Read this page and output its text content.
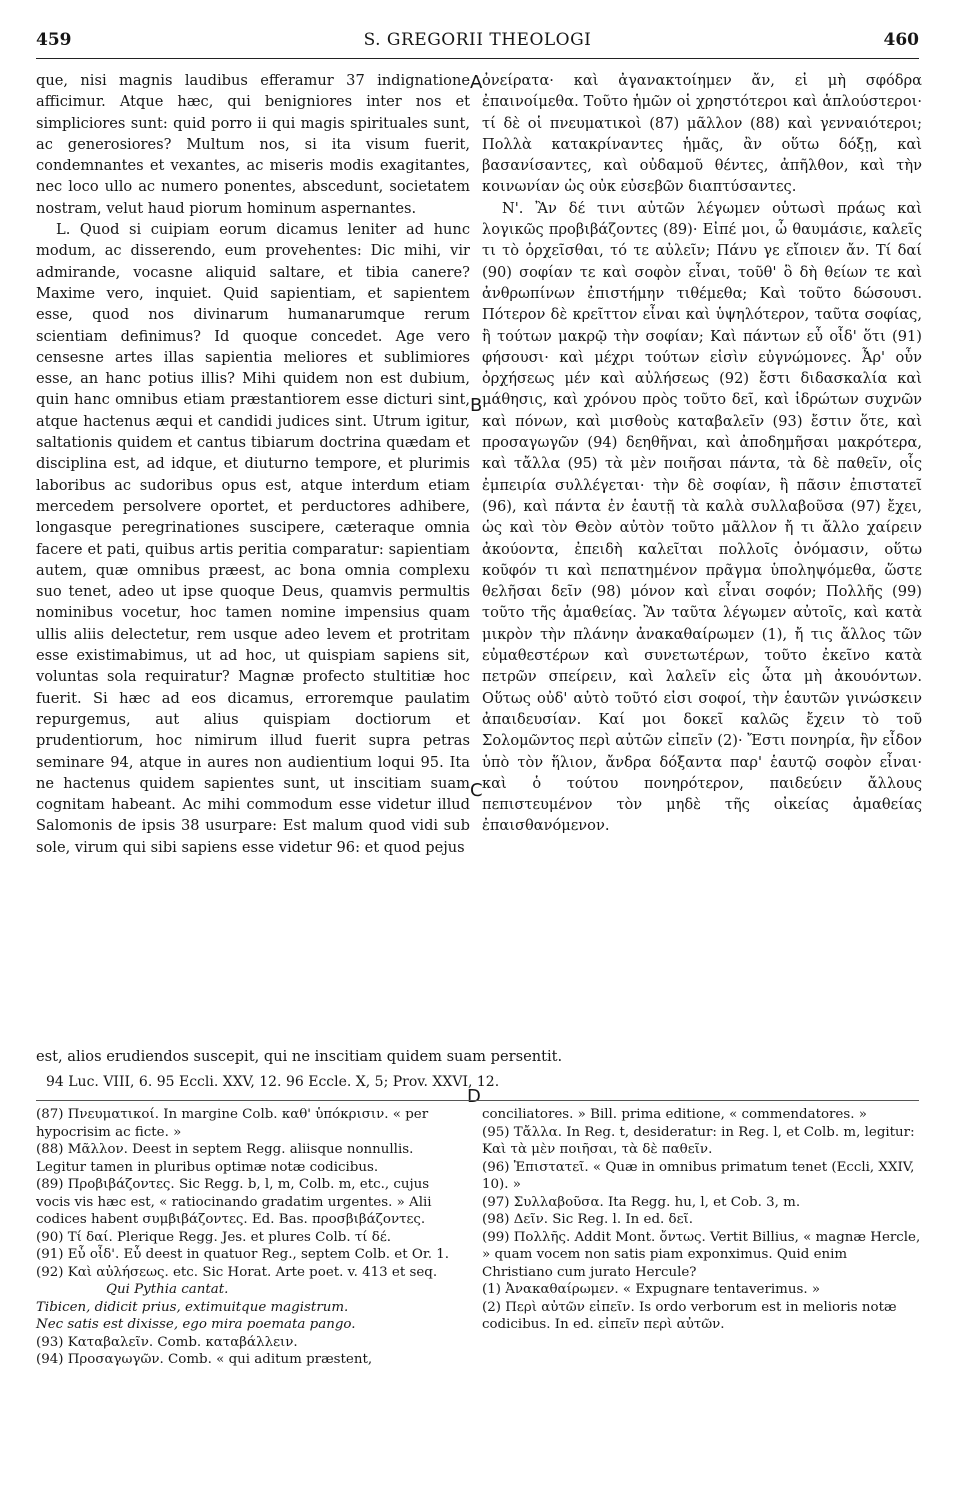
459	S. GREGORII THEOLOGI	460

que, nisi magnis laudibus efferamur 37 indignatione afficimur. Atque hæc, qui benigniores inter nos et simpliciores sunt: quid porro ii qui magis spirituales sunt, ac generosiores? Multum nos, si ita visum fuerit, condemnantes et vexantes, ac miseris modis exagitantes, nec loco ullo ac numero ponentes, abscedunt, societatem nostram, velut haud piorum hominum aspernantes.

L. Quod si cuipiam eorum dicamus leniter ad hunc modum, ac disserendo, eum provehentes: Dic mihi, vir admirande, vocasne aliquid saltare, et tibia canere? Maxime vero, inquiet. Quid sapientiam, et sapientem esse, quod nos divinarum humanarumque rerum scientiam definimus? Id quoque concedet. Age vero censesne artes illas sapientia meliores et sublimiores esse, an hanc potius illis? Mihi quidem non est dubium, quin hanc omnibus etiam præstantiorem esse dicturi sint, atque hactenus æqui et candidi judices sint. Utrum igitur, saltationis quidem et cantus tibiarum doctrina quædam et disciplina est, ad idque, et diuturno tempore, et plurimis laboribus ac sudoribus opus est, atque interdum etiam mercedem persolvere oportet, et perductores adhibere, longasque peregrinationes suscipere, cæteraque omnia facere et pati, quibus artis peritia comparatur: sapientiam autem, quæ omnibus præest, ac bona omnia complexu suo tenet, adeo ut ipse quoque Deus, quamvis permultis nominibus vocetur, hoc tamen nomine impensius quam ullis aliis delectetur, rem usque adeo levem et protritam esse existimabimus, ut ad hoc, ut quispiam sapiens sit, voluntas sola requiratur? Magnæ profecto stultitiæ hoc fuerit. Si hæc ad eos dicamus, erroremque paulatim repurgemus, aut alius quispiam doctiorum et prudentiorum, hoc nimirum illud fuerit supra petras seminare 94, atque in aures non audientium loqui 95. Ita ne hactenus quidem sapientes sunt, ut inscitiam suam cognitam habeant. Ac mihi commodum esse videtur illud Salomonis de ipsis 38 usurpare: Est malum quod vidi sub sole, virum qui sibi sapiens esse videtur 96: et quod pejus

A
B
C
D

ὀνείρατα· καὶ ἀγανακτοίημεν ἄν, εἰ μὴ σφόδρα ἐπαινοίμεθα. Τοῦτο ἡμῶν οἱ χρηστότεροι καὶ ἁπλούστεροι· τί δὲ οἱ πνευματικοὶ (87) μᾶλλον (88) καὶ γενναιότεροι; Πολλὰ κατακρίναντες ἡμᾶς, ἂν οὕτω δόξῃ, καὶ βασανίσαντες, καὶ οὐδαμοῦ θέντες, ἀπῆλθον, καὶ τὴν κοινωνίαν ὡς οὐκ εὐσεβῶν διαπτύσαντες.

Ν'. Ἂν δέ τινι αὐτῶν λέγωμεν οὑτωσὶ πράως καὶ λογικῶς προβιβάζοντες (89)· Εἰπέ μοι, ὦ θαυμάσιε, καλεῖς τι τὸ ὀρχεῖσθαι, τό τε αὐλεῖν; Πάνυ γε εἴποιεν ἄν. Τί δαί (90) σοφίαν τε καὶ σοφὸν εἶναι, τοῦθ' ὃ δὴ θείων τε καὶ ἀνθρωπίνων ἐπιστήμην τιθέμεθα; Καὶ τοῦτο δώσουσι. Πότερον δὲ κρεῖττον εἶναι καὶ ὑψηλότερον, ταῦτα σοφίας, ἢ τούτων μακρῷ τὴν σοφίαν; Καὶ πάντων εὖ οἶδ' ὅτι (91) φήσουσι· καὶ μέχρι τούτων εἰσὶν εὐγνώμονες. Ἆρ' οὖν ὀρχήσεως μέν καὶ αὐλήσεως (92) ἔστι διδασκαλία καὶ μάθησις, καὶ χρόνου πρὸς τοῦτο δεῖ, καὶ ἱδρώτων συχνῶν καὶ πόνων, καὶ μισθοὺς καταβαλεῖν (93) ἔστιν ὅτε, καὶ προσαγωγῶν (94) δεηθῆναι, καὶ ἀποδημῆσαι μακρότερα, καὶ τἄλλα (95) τὰ μὲν ποιῆσαι πάντα, τὰ δὲ παθεῖν, οἷς ἐμπειρία συλλέγεται· τὴν δὲ σοφίαν, ἣ πᾶσιν ἐπιστατεῖ (96), καὶ πάντα ἐν ἑαυτῇ τὰ καλὰ συλλαβοῦσα (97) ἔχει, ὡς καὶ τὸν Θεὸν αὐτὸν τοῦτο μᾶλλον ἤ τι ἄλλο χαίρειν ἀκούοντα, ἐπειδὴ καλεῖται πολλοῖς ὀνόμασιν, οὕτω κοῦφόν τι καὶ πεπατημένον πρᾶγμα ὑποληψόμεθα, ὥστε θελῆσαι δεῖν (98) μόνον καὶ εἶναι σοφόν; Πολλῆς (99) τοῦτο τῆς ἀμαθείας. Ἂν ταῦτα λέγωμεν αὐτοῖς, καὶ κατὰ μικρὸν τὴν πλάνην ἀνακαθαίρωμεν (1), ἤ τις ἄλλος τῶν εὐμαθεστέρων καὶ συνετωτέρων, τοῦτο ἐκεῖνο κατὰ πετρῶν σπείρειν, καὶ λαλεῖν εἰς ὦτα μὴ ἀκουόντων. Οὕτως οὐδ' αὐτὸ τοῦτό εἰσι σοφοί, τὴν ἑαυτῶν γινώσκειν ἀπαιδευσίαν. Καί μοι δοκεῖ καλῶς ἔχειν τὸ τοῦ Σολομῶντος περὶ αὐτῶν εἰπεῖν (2)· Ἔστι πονηρία, ἣν εἶδον ὑπὸ τὸν ἥλιον, ἄνδρα δόξαντα παρ' ἑαυτῷ σοφὸν εἶναι· καὶ ὁ τούτου πονηρότερον, παιδεύειν ἄλλους πεπιστευμένον τὸν μηδὲ τῆς οἰκείας ἀμαθείας ἐπαισθανόμενον.

est, alios erudiendos suscepit, qui ne inscitiam quidem suam persentit.
94 Luc. VIII, 6. 95 Eccli. XXV, 12. 96 Eccle. X, 5; Prov. XXVI, 12.

(87) Πνευματικοί. In margine Colb. καθ' ὑπόκρισιν. « per hypocrisim ac ficte. »

(88) Μᾶλλον. Deest in septem Regg. aliisque nonnullis. Legitur tamen in pluribus optimæ notæ codicibus.

(89) Προβιβάζοντες. Sic Regg. b, l, m, Colb. m, etc., cujus vocis vis hæc est, « ratiocinando gradatim urgentes. » Alii codices habent συμβιβάζοντες. Ed. Bas. προσβιβάζοντες.

(90) Τί δαί. Plerique Regg. Jes. et plures Colb. τί δέ.

(91) Εὖ οἶδ'. Εὖ deest in quatuor Reg., septem Colb. et Or. 1.

(92) Καὶ αὐλήσεως. etc. Sic Horat. Arte poet. v. 413 et seq.

Qui Pythia cantat.

Tibicen, didicit prius, extimuitque magistrum.

Nec satis est dixisse, ego mira poemata pango.

(93) Καταβαλεῖν. Comb. καταβάλλειν.

(94) Προσαγωγῶν. Comb. « qui aditum præstent,

conciliatores. » Bill. prima editione, « commendatores. »

(95) Τἄλλα. In Reg. t, desideratur: in Reg. l, et Colb. m, legitur: Καὶ τὰ μὲν ποιῆσαι, τὰ δὲ παθεῖν.

(96) Ἐπιστατεῖ. « Quæ in omnibus primatum tenet (Eccli, XXIV, 10). »

(97) Συλλαβοῦσα. Ita Regg. hu, l, et Cob. 3, m.

(98) Δεῖν. Sic Reg. l. In ed. δεῖ.

(99) Πολλῆς. Addit Mont. ὄντως. Vertit Billius, « magnæ Hercle, » quam vocem non satis piam exponximus. Quid enim Christiano cum jurato Hercule?

(1) Ἀνακαθαίρωμεν. « Expugnare tentaverimus. »

(2) Περὶ αὐτῶν εἰπεῖν. Is ordo verborum est in melioris notæ codicibus. In ed. εἰπεῖν περὶ αὐτῶν.
